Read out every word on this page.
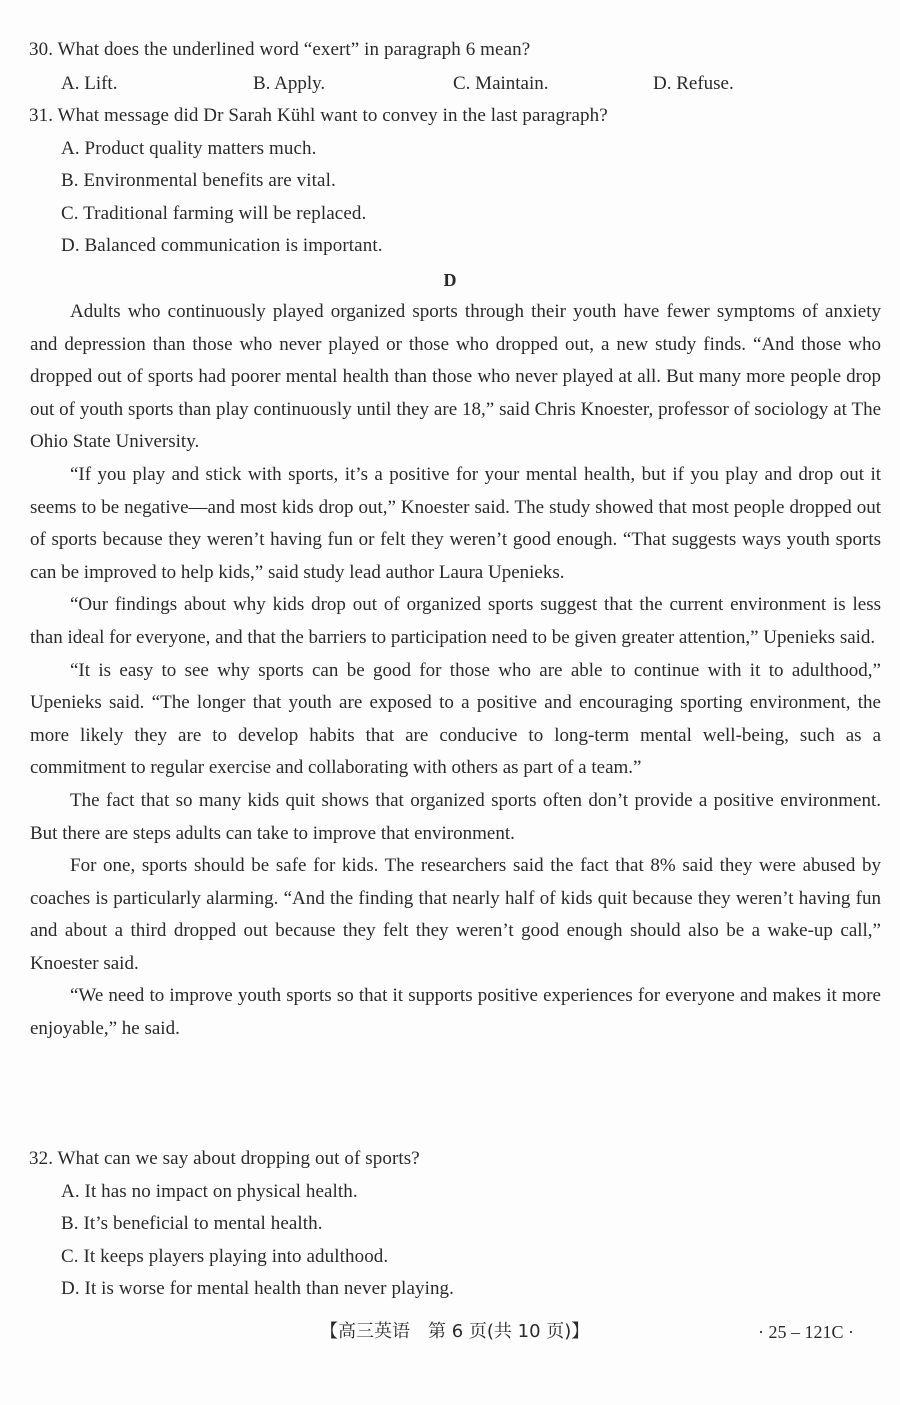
30. What does the underlined word “exert” in paragraph 6 mean?
A. Lift.	B. Apply.	C. Maintain.	D. Refuse.
31. What message did Dr Sarah Kühl want to convey in the last paragraph?
A. Product quality matters much.
B. Environmental benefits are vital.
C. Traditional farming will be replaced.
D. Balanced communication is important.
D

Adults who continuously played organized sports through their youth have fewer symptoms of anxiety and depression than those who never played or those who dropped out, a new study finds. “And those who dropped out of sports had poorer mental health than those who never played at all. But many more people drop out of youth sports than play continuously until they are 18,” said Chris Knoester, professor of sociology at The Ohio State University.

“If you play and stick with sports, it’s a positive for your mental health, but if you play and drop out it seems to be negative—and most kids drop out,” Knoester said. The study showed that most people dropped out of sports because they weren’t having fun or felt they weren’t good enough. “That suggests ways youth sports can be improved to help kids,” said study lead author Laura Upenieks.

“Our findings about why kids drop out of organized sports suggest that the current environment is less than ideal for everyone, and that the barriers to participation need to be given greater attention,” Upenieks said.

“It is easy to see why sports can be good for those who are able to continue with it to adulthood,” Upenieks said. “The longer that youth are exposed to a positive and encouraging sporting environment, the more likely they are to develop habits that are conducive to long-term mental well-being, such as a commitment to regular exercise and collaborating with others as part of a team.”

The fact that so many kids quit shows that organized sports often don’t provide a positive environment. But there are steps adults can take to improve that environment.

For one, sports should be safe for kids. The researchers said the fact that 8% said they were abused by coaches is particularly alarming. “And the finding that nearly half of kids quit because they weren’t having fun and about a third dropped out because they felt they weren’t good enough should also be a wake-up call,” Knoester said.

“We need to improve youth sports so that it supports positive experiences for everyone and makes it more enjoyable,” he said.

32. What can we say about dropping out of sports?
A. It has no impact on physical health.
B. It’s beneficial to mental health.
C. It keeps players playing into adulthood.
D. It is worse for mental health than never playing.
【高三英语　第 6 页(共 10 页)】	· 25 – 121C ·
